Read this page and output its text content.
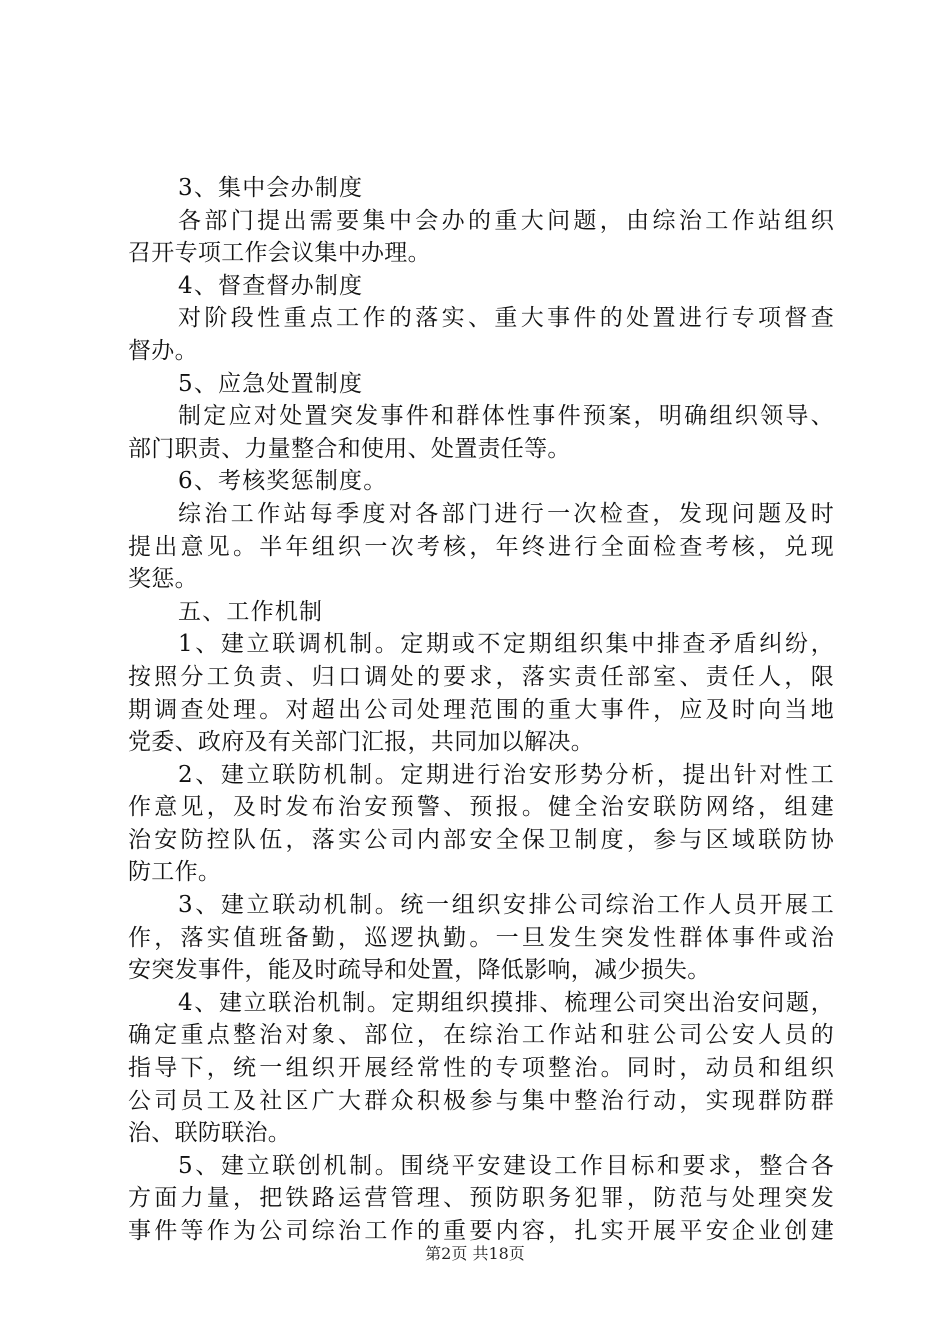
3、集中会办制度
各部门提出需要集中会办的重大问题，由综治工作站组织
召开专项工作会议集中办理。
4、督查督办制度
对阶段性重点工作的落实、重大事件的处置进行专项督查
督办。
5、应急处置制度
制定应对处置突发事件和群体性事件预案，明确组织领导、
部门职责、力量整合和使用、处置责任等。
6、考核奖惩制度。
综治工作站每季度对各部门进行一次检查，发现问题及时
提出意见。半年组织一次考核，年终进行全面检查考核，兑现
奖惩。
五、工作机制
1、建立联调机制。定期或不定期组织集中排查矛盾纠纷，
按照分工负责、归口调处的要求，落实责任部室、责任人，限
期调查处理。对超出公司处理范围的重大事件，应及时向当地
党委、政府及有关部门汇报，共同加以解决。
2、建立联防机制。定期进行治安形势分析，提出针对性工
作意见，及时发布治安预警、预报。健全治安联防网络，组建
治安防控队伍，落实公司内部安全保卫制度，参与区域联防协
防工作。
3、建立联动机制。统一组织安排公司综治工作人员开展工
作，落实值班备勤，巡逻执勤。一旦发生突发性群体事件或治
安突发事件，能及时疏导和处置，降低影响，减少损失。
4、建立联治机制。定期组织摸排、梳理公司突出治安问题，
确定重点整治对象、部位，在综治工作站和驻公司公安人员的
指导下，统一组织开展经常性的专项整治。同时，动员和组织
公司员工及社区广大群众积极参与集中整治行动，实现群防群
治、联防联治。
5、建立联创机制。围绕平安建设工作目标和要求，整合各
方面力量，把铁路运营管理、预防职务犯罪，防范与处理突发
事件等作为公司综治工作的重要内容，扎实开展平安企业创建
第2页 共18页
